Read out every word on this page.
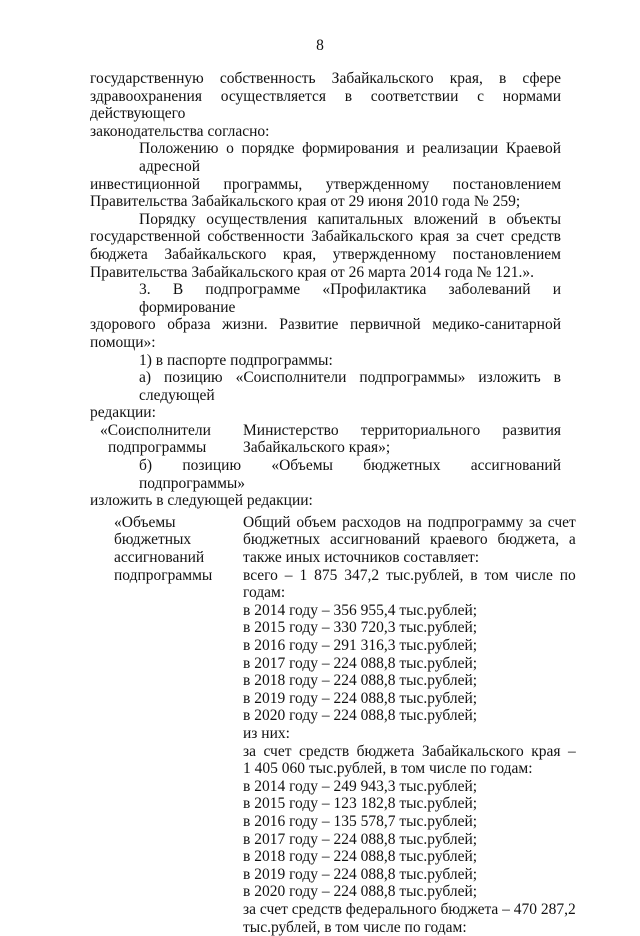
8
государственную собственность Забайкальского края, в сфере
здравоохранения осуществляется в соответствии с нормами действующего
законодательства согласно:
Положению о порядке формирования и реализации Краевой адресной
инвестиционной программы, утвержденному постановлением
Правительства Забайкальского края от 29 июня 2010 года № 259;
Порядку осуществления капитальных вложений в объекты
государственной собственности Забайкальского края за счет средств
бюджета Забайкальского края, утвержденному постановлением
Правительства Забайкальского края от 26 марта 2014 года № 121.».
3. В подпрограмме «Профилактика заболеваний и формирование
здорового образа жизни. Развитие первичной медико-санитарной
помощи»:
1) в паспорте подпрограммы:
а) позицию «Соисполнители подпрограммы» изложить в следующей
редакции:
«Соисполнители
подпрограммы
Министерство территориального развития
Забайкальского края»;
б) позицию «Объемы бюджетных ассигнований подпрограммы»
изложить в следующей редакции:
«Объемы
бюджетных
ассигнований
подпрограммы
Общий объем расходов на подпрограмму за счет
бюджетных ассигнований краевого бюджета, а
также иных источников составляет:
всего – 1 875 347,2 тыс.рублей, в том числе по
годам:
в 2014 году – 356 955,4 тыс.рублей;
в 2015 году – 330 720,3 тыс.рублей;
в 2016 году – 291 316,3 тыс.рублей;
в 2017 году – 224 088,8 тыс.рублей;
в 2018 году – 224 088,8 тыс.рублей;
в 2019 году – 224 088,8 тыс.рублей;
в 2020 году – 224 088,8 тыс.рублей;
из них:
за счет средств бюджета Забайкальского края –
1 405 060 тыс.рублей, в том числе по годам:
в 2014 году – 249 943,3 тыс.рублей;
в 2015 году – 123 182,8 тыс.рублей;
в 2016 году – 135 578,7 тыс.рублей;
в 2017 году – 224 088,8 тыс.рублей;
в 2018 году – 224 088,8 тыс.рублей;
в 2019 году – 224 088,8 тыс.рублей;
в 2020 году – 224 088,8 тыс.рублей;
за счет средств федерального бюджета – 470 287,2
тыс.рублей, в том числе по годам:
